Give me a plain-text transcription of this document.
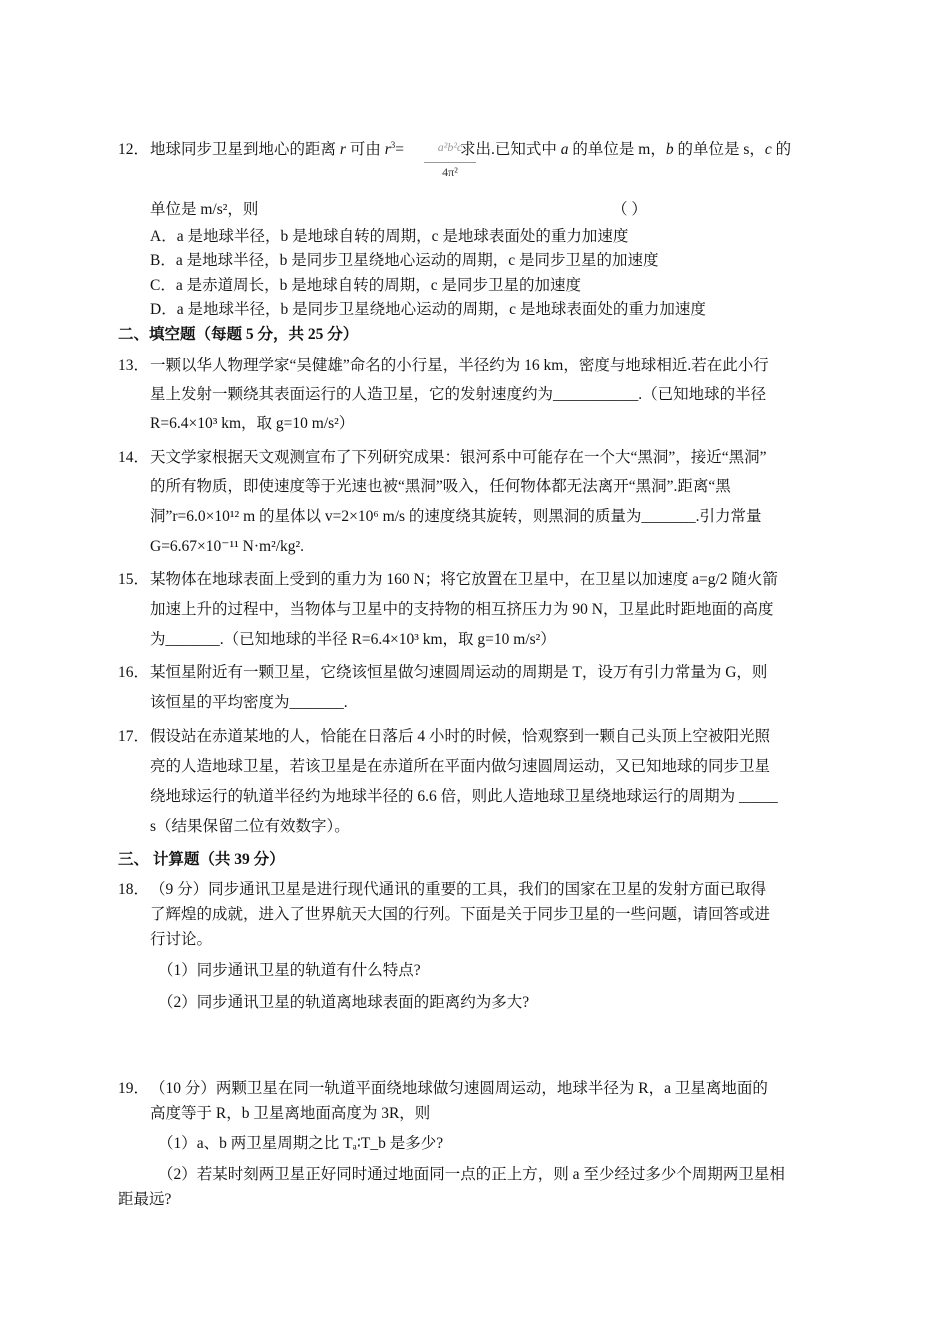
12． 地球同步卫星到地心的距离 r 可由 $r^3=$	求出.已知式中 a 的单位是 m，b 的单位是 s，c 的
a²b²c
4π²
单位是 m/s²，则	（ ）
A．a 是地球半径，b 是地球自转的周期，c 是地球表面处的重力加速度
B．a 是地球半径，b 是同步卫星绕地心运动的周期，c 是同步卫星的加速度
C．a 是赤道周长，b 是地球自转的周期，c 是同步卫星的加速度
D．a 是地球半径，b 是同步卫星绕地心运动的周期，c 是地球表面处的重力加速度
二、填空题（每题 5 分，共 25 分）
13． 一颗以华人物理学家“吴健雄”命名的小行星，半径约为 16 km，密度与地球相近.若在此小行
星上发射一颗绕其表面运行的人造卫星，它的发射速度约为___________.（已知地球的半径
R=6.4×10³ km，取 g=10 m/s²）
14． 天文学家根据天文观测宣布了下列研究成果：银河系中可能存在一个大“黑洞”，接近“黑洞”
的所有物质，即使速度等于光速也被“黑洞”吸入，任何物体都无法离开“黑洞”.距离“黑
洞”r=6.0×10¹² m 的星体以 v=2×10⁶ m/s 的速度绕其旋转，则黑洞的质量为_______.引力常量
G=6.67×10⁻¹¹ N·m²/kg².
15． 某物体在地球表面上受到的重力为 160 N；将它放置在卫星中，在卫星以加速度 a=g/2 随火箭
加速上升的过程中，当物体与卫星中的支持物的相互挤压力为 90 N，卫星此时距地面的高度
为_______.（已知地球的半径 R=6.4×10³ km，取 g=10 m/s²）
16． 某恒星附近有一颗卫星，它绕该恒星做匀速圆周运动的周期是 T，设万有引力常量为 G，则
该恒星的平均密度为_______.
17． 假设站在赤道某地的人，恰能在日落后 4 小时的时候，恰观察到一颗自己头顶上空被阳光照
亮的人造地球卫星，若该卫星是在赤道所在平面内做匀速圆周运动，又已知地球的同步卫星
绕地球运行的轨道半径约为地球半径的 6.6 倍，则此人造地球卫星绕地球运行的周期为 _____
s（结果保留二位有效数字）。
三、 计算题（共 39 分）
18． （9 分）同步通讯卫星是进行现代通讯的重要的工具，我们的国家在卫星的发射方面已取得
了辉煌的成就，进入了世界航天大国的行列。下面是关于同步卫星的一些问题，请回答或进
行讨论。
（1）同步通讯卫星的轨道有什么特点?
（2）同步通讯卫星的轨道离地球表面的距离约为多大?
19． （10 分）两颗卫星在同一轨道平面绕地球做匀速圆周运动，地球半径为 R，a 卫星离地面的
高度等于 R，b 卫星离地面高度为 3R，则
（1）a、b 两卫星周期之比 Tₐ∶T_b 是多少?
（2）若某时刻两卫星正好同时通过地面同一点的正上方，则 a 至少经过多少个周期两卫星相
距最远?
